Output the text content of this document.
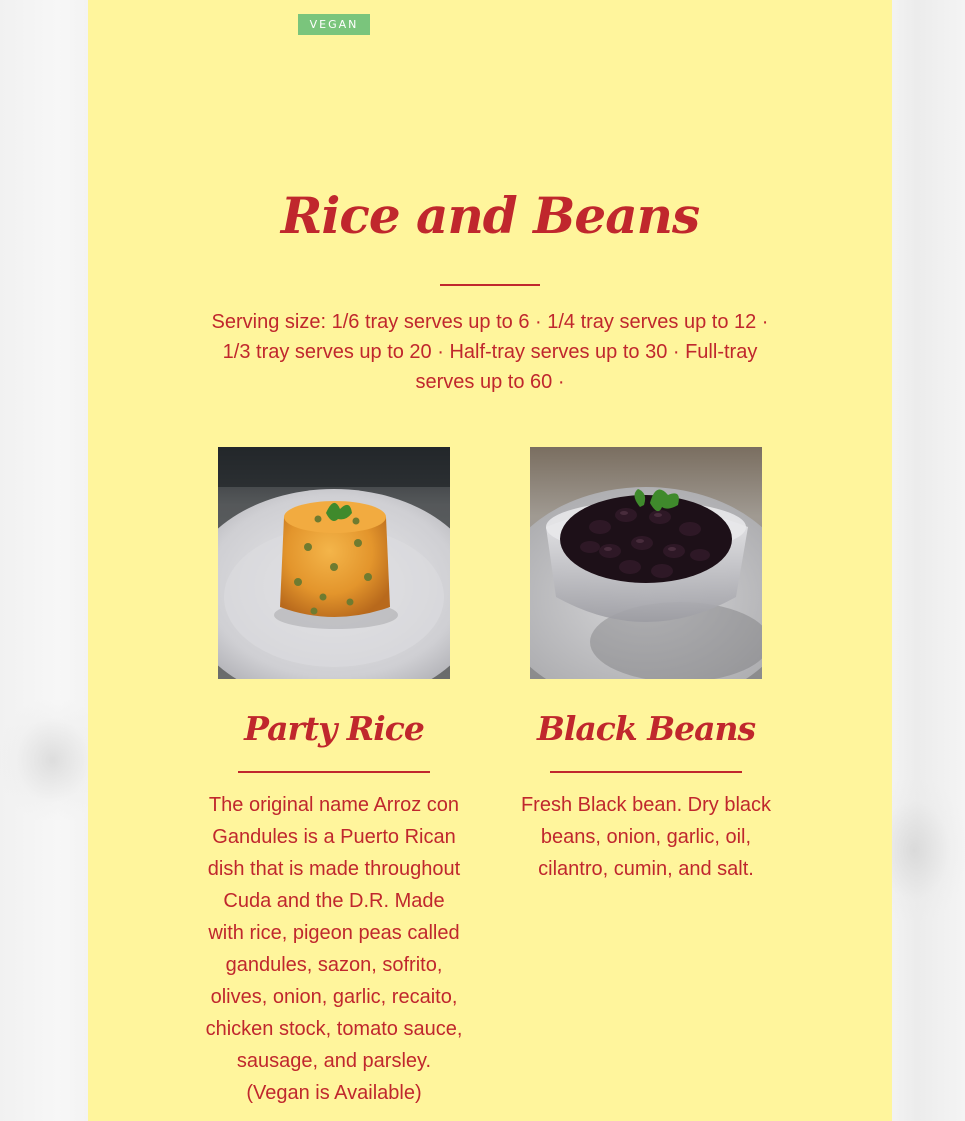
VEGAN
Rice and Beans
Serving size: 1/6 tray serves up to 6 · 1/4 tray serves up to 12 · 1/3 tray serves up to 20 · Half-tray serves up to 30 · Full-tray serves up to 60 ·
Party Rice
The original name Arroz con Gandules is a Puerto Rican dish that is made throughout Cuda and the D.R. Made with rice, pigeon peas called gandules, sazon, sofrito, olives, onion, garlic, recaito, chicken stock, tomato sauce, sausage, and parsley.
(Vegan is Available)
Black Beans
Fresh Black bean. Dry black beans, onion, garlic, oil, cilantro, cumin, and salt.
